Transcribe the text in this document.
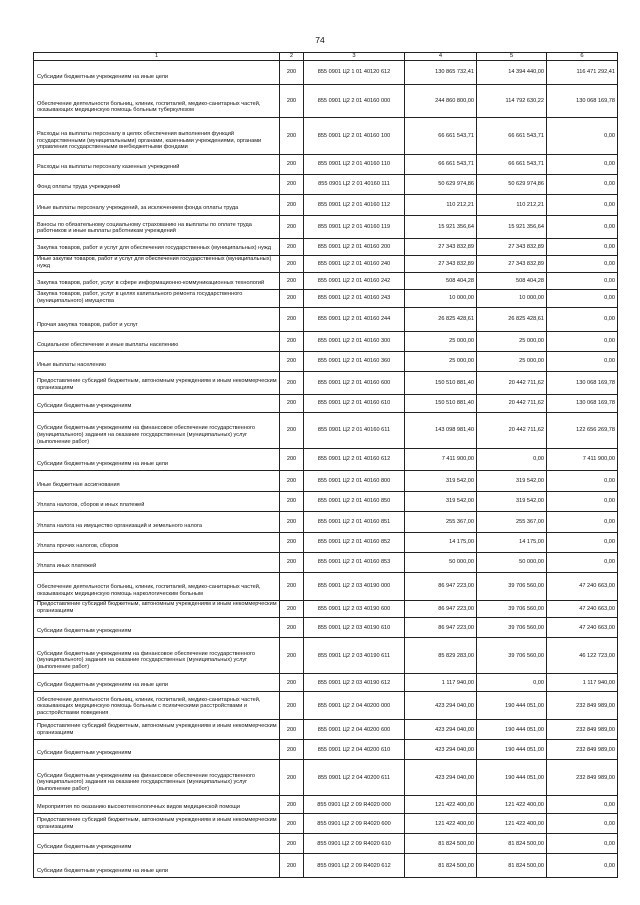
74
1	2	3	4	5	6

Субсидии бюджетным учреждениям на иные цели	200	855 0901 Ц2 1 01 40120 612	130 865 732,41	14 394 440,00	116 471 292,41

Обеспечение деятельности больниц, клиник, госпиталей, медико-санитарных частей, оказывающих медицинскую помощь больным туберкулезом	200	855 0901 Ц2 2 01 40160 000	244 860 800,00	114 792 630,22	130 068 169,78

Расходы на выплаты персоналу в целях обеспечения выполнения функций государственными (муниципальными) органами, казенными учреждениями, органами управления государственными внебюджетными фондами	200	855 0901 Ц2 2 01 40160 100	66 661 543,71	66 661 543,71	0,00

Расходы на выплаты персоналу казенных учреждений	200	855 0901 Ц2 2 01 40160 110	66 661 543,71	66 661 543,71	0,00

Фонд оплаты труда учреждений	200	855 0901 Ц2 2 01 40160 111	50 629 974,86	50 629 974,86	0,00

Иные выплаты персоналу учреждений, за исключением фонда оплаты труда	200	855 0901 Ц2 2 01 40160 112	110 212,21	110 212,21	0,00

Взносы по обязательному социальному страхованию на выплаты по оплате труда работников и иные выплаты работникам учреждений	200	855 0901 Ц2 2 01 40160 119	15 921 356,64	15 921 356,64	0,00

Закупка товаров, работ и услуг для обеспечения государственных (муниципальных) нужд	200	855 0901 Ц2 2 01 40160 200	27 343 832,89	27 343 832,89	0,00

Иные закупки товаров, работ и услуг для обеспечения государственных (муниципальных) нужд	200	855 0901 Ц2 2 01 40160 240	27 343 832,89	27 343 832,89	0,00

Закупка товаров, работ, услуг в сфере информационно-коммуникационных технологий	200	855 0901 Ц2 2 01 40160 242	508 404,28	508 404,28	0,00

Закупка товаров, работ, услуг в целях капитального ремонта государственного (муниципального) имущества	200	855 0901 Ц2 2 01 40160 243	10 000,00	10 000,00	0,00

Прочая закупка товаров, работ и услуг	200	855 0901 Ц2 2 01 40160 244	26 825 428,61	26 825 428,61	0,00

Социальное обеспечение и иные выплаты населению	200	855 0901 Ц2 2 01 40160 300	25 000,00	25 000,00	0,00

Иные выплаты населению	200	855 0901 Ц2 2 01 40160 360	25 000,00	25 000,00	0,00

Предоставление субсидий бюджетным, автономным учреждениям и иным некоммерческим организациям	200	855 0901 Ц2 2 01 40160 600	150 510 881,40	20 442 711,62	130 068 169,78

Субсидии бюджетным учреждениям	200	855 0901 Ц2 2 01 40160 610	150 510 881,40	20 442 711,62	130 068 169,78

Субсидии бюджетным учреждениям на финансовое обеспечение государственного (муниципального) задания на оказание государственных (муниципальных) услуг (выполнение работ)	200	855 0901 Ц2 2 01 40160 611	143 098 981,40	20 442 711,62	122 656 269,78

Субсидии бюджетным учреждениям на иные цели	200	855 0901 Ц2 2 01 40160 612	7 411 900,00	0,00	7 411 900,00

Иные бюджетные ассигнования	200	855 0901 Ц2 2 01 40160 800	319 542,00	319 542,00	0,00

Уплата налогов, сборов и иных платежей	200	855 0901 Ц2 2 01 40160 850	319 542,00	319 542,00	0,00

Уплата налога на имущество организаций и земельного налога	200	855 0901 Ц2 2 01 40160 851	255 367,00	255 367,00	0,00

Уплата прочих налогов, сборов	200	855 0901 Ц2 2 01 40160 852	14 175,00	14 175,00	0,00

Уплата иных платежей	200	855 0901 Ц2 2 01 40160 853	50 000,00	50 000,00	0,00

Обеспечение деятельности больниц, клиник, госпиталей, медико-санитарных частей, оказывающих медицинскую помощь наркологическим больным	200	855 0901 Ц2 2 03 40190 000	86 947 223,00	39 706 560,00	47 240 663,00

Предоставление субсидий бюджетным, автономным учреждениям и иным некоммерческим организациям	200	855 0901 Ц2 2 03 40190 600	86 947 223,00	39 706 560,00	47 240 663,00

Субсидии бюджетным учреждениям	200	855 0901 Ц2 2 03 40190 610	86 947 223,00	39 706 560,00	47 240 663,00

Субсидии бюджетным учреждениям на финансовое обеспечение государственного (муниципального) задания на оказание государственных (муниципальных) услуг (выполнение работ)	200	855 0901 Ц2 2 03 40190 611	85 829 283,00	39 706 560,00	46 122 723,00

Субсидии бюджетным учреждениям на иные цели	200	855 0901 Ц2 2 03 40190 612	1 117 940,00	0,00	1 117 940,00

Обеспечение деятельности больниц, клиник, госпиталей, медико-санитарных частей, оказывающих медицинскую помощь больным с психическими расстройствами и расстройствами поведения	200	855 0901 Ц2 2 04 40200 000	423 294 040,00	190 444 051,00	232 849 989,00

Предоставление субсидий бюджетным, автономным учреждениям и иным некоммерческим организациям	200	855 0901 Ц2 2 04 40200 600	423 294 040,00	190 444 051,00	232 849 989,00

Субсидии бюджетным учреждениям	200	855 0901 Ц2 2 04 40200 610	423 294 040,00	190 444 051,00	232 849 989,00

Субсидии бюджетным учреждениям на финансовое обеспечение государственного (муниципального) задания на оказание государственных (муниципальных) услуг (выполнение работ)	200	855 0901 Ц2 2 04 40200 611	423 294 040,00	190 444 051,00	232 849 989,00

Мероприятия по оказанию высокотехнологичных видов медицинской помощи	200	855 0901 Ц2 2 09 R4020 000	121 422 400,00	121 422 400,00	0,00

Предоставление субсидий бюджетным, автономным учреждениям и иным некоммерческим организациям	200	855 0901 Ц2 2 09 R4020 600	121 422 400,00	121 422 400,00	0,00

Субсидии бюджетным учреждениям	200	855 0901 Ц2 2 09 R4020 610	81 824 500,00	81 824 500,00	0,00

Субсидии бюджетным учреждениям на иные цели	200	855 0901 Ц2 2 09 R4020 612	81 824 500,00	81 824 500,00	0,00
